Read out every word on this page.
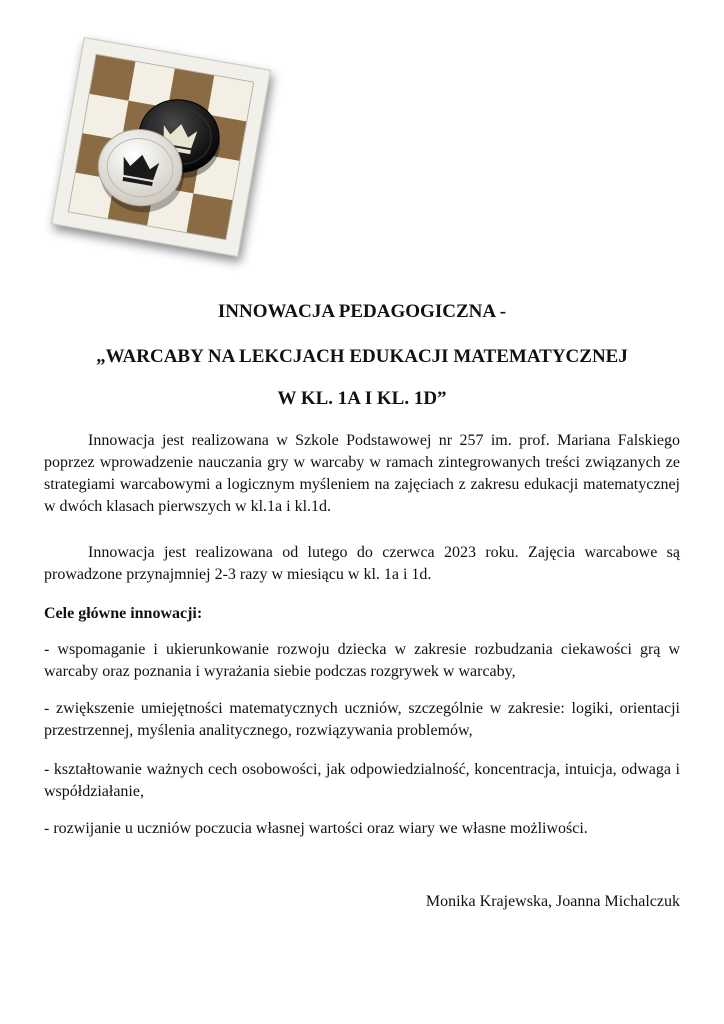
INNOWACJA PEDAGOGICZNA -
„WARCABY NA LEKCJACH EDUKACJI MATEMATYCZNEJ
W KL. 1A I KL. 1D”

Innowacja jest realizowana w Szkole Podstawowej nr 257 im. prof. Mariana Falskiego poprzez wprowadzenie nauczania gry w warcaby w ramach zintegrowanych treści związanych ze strategiami warcabowymi a logicznym myśleniem na zajęciach z zakresu edukacji matematycznej w dwóch klasach pierwszych w kl.1a i kl.1d.

Innowacja jest realizowana od lutego do czerwca 2023 roku. Zajęcia warcabowe są prowadzone przynajmniej 2-3 razy w miesiącu w kl. 1a i 1d.

Cele główne innowacji:

- wspomaganie i ukierunkowanie rozwoju dziecka w zakresie rozbudzania ciekawości grą w warcaby oraz poznania i wyrażania siebie podczas rozgrywek w warcaby,

- zwiększenie umiejętności matematycznych uczniów, szczególnie w zakresie: logiki, orientacji przestrzennej, myślenia analitycznego, rozwiązywania problemów,

- kształtowanie ważnych cech osobowości, jak odpowiedzialność, koncentracja, intuicja, odwaga i współdziałanie,

- rozwijanie u uczniów poczucia własnej wartości oraz wiary we własne możliwości.

Monika Krajewska, Joanna Michalczuk
